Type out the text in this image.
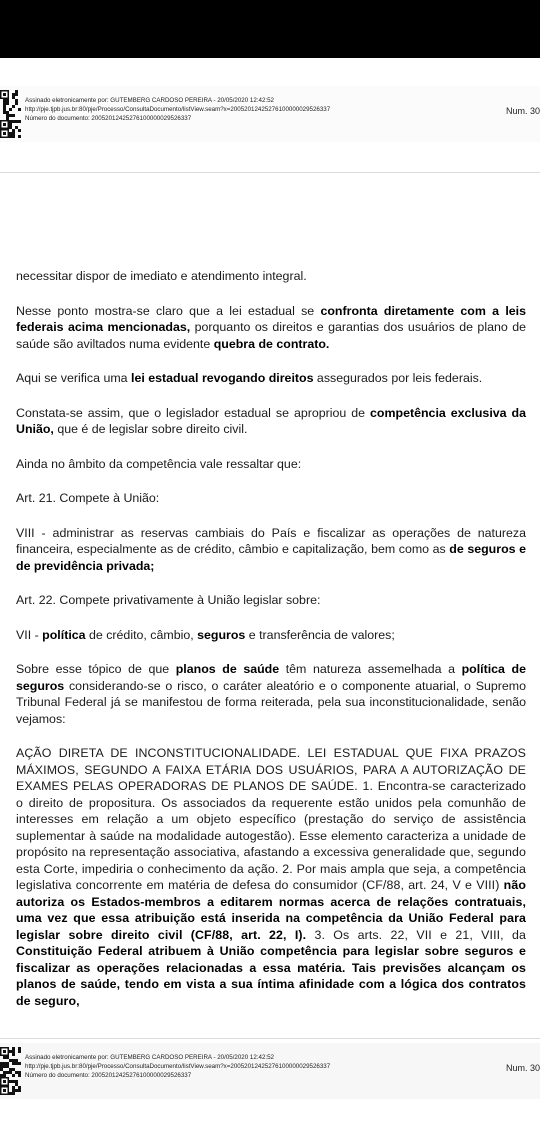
Assinado eletronicamente por: GUTEMBERG CARDOSO PEREIRA - 20/05/2020 12:42:52
http://pje.tjpb.jus.br:80/pje/Processo/ConsultaDocumento/listView.seam?x=20052012425276100000029526337
Número do documento: 20052012425276100000029526337
Num. 30

necessitar dispor de imediato e atendimento integral.

Nesse ponto mostra-se claro que a lei estadual se confronta diretamente com a leis federais acima mencionadas, porquanto os direitos e garantias dos usuários de plano de saúde são aviltados numa evidente quebra de contrato.

Aqui se verifica uma lei estadual revogando direitos assegurados por leis federais.

Constata-se assim, que o legislador estadual se apropriou de competência exclusiva da União, que é de legislar sobre direito civil.

Ainda no âmbito da competência vale ressaltar que:

Art. 21. Compete à União:

VIII - administrar as reservas cambiais do País e fiscalizar as operações de natureza financeira, especialmente as de crédito, câmbio e capitalização, bem como as de seguros e de previdência privada;

Art. 22. Compete privativamente à União legislar sobre:

VII - política de crédito, câmbio, seguros e transferência de valores;

Sobre esse tópico de que planos de saúde têm natureza assemelhada a política de seguros considerando-se o risco, o caráter aleatório e o componente atuarial, o Supremo Tribunal Federal já se manifestou de forma reiterada, pela sua inconstitucionalidade, senão vejamos:

AÇÃO DIRETA DE INCONSTITUCIONALIDADE. LEI ESTADUAL QUE FIXA PRAZOS MÁXIMOS, SEGUNDO A FAIXA ETÁRIA DOS USUÁRIOS, PARA A AUTORIZAÇÃO DE EXAMES PELAS OPERADORAS DE PLANOS DE SAÚDE. 1. Encontra-se caracterizado o direito de propositura. Os associados da requerente estão unidos pela comunhão de interesses em relação a um objeto específico (prestação do serviço de assistência suplementar à saúde na modalidade autogestão). Esse elemento caracteriza a unidade de propósito na representação associativa, afastando a excessiva generalidade que, segundo esta Corte, impediria o conhecimento da ação. 2. Por mais ampla que seja, a competência legislativa concorrente em matéria de defesa do consumidor (CF/88, art. 24, V e VIII) não autoriza os Estados-membros a editarem normas acerca de relações contratuais, uma vez que essa atribuição está inserida na competência da União Federal para legislar sobre direito civil (CF/88, art. 22, I). 3. Os arts. 22, VII e 21, VIII, da Constituição Federal atribuem à União competência para legislar sobre seguros e fiscalizar as operações relacionadas a essa matéria. Tais previsões alcançam os planos de saúde, tendo em vista a sua íntima afinidade com a lógica dos contratos de seguro,

Assinado eletronicamente por: GUTEMBERG CARDOSO PEREIRA - 20/05/2020 12:42:52
http://pje.tjpb.jus.br:80/pje/Processo/ConsultaDocumento/listView.seam?x=20052012425276100000029526337
Número do documento: 20052012425276100000029526337
Num. 30
